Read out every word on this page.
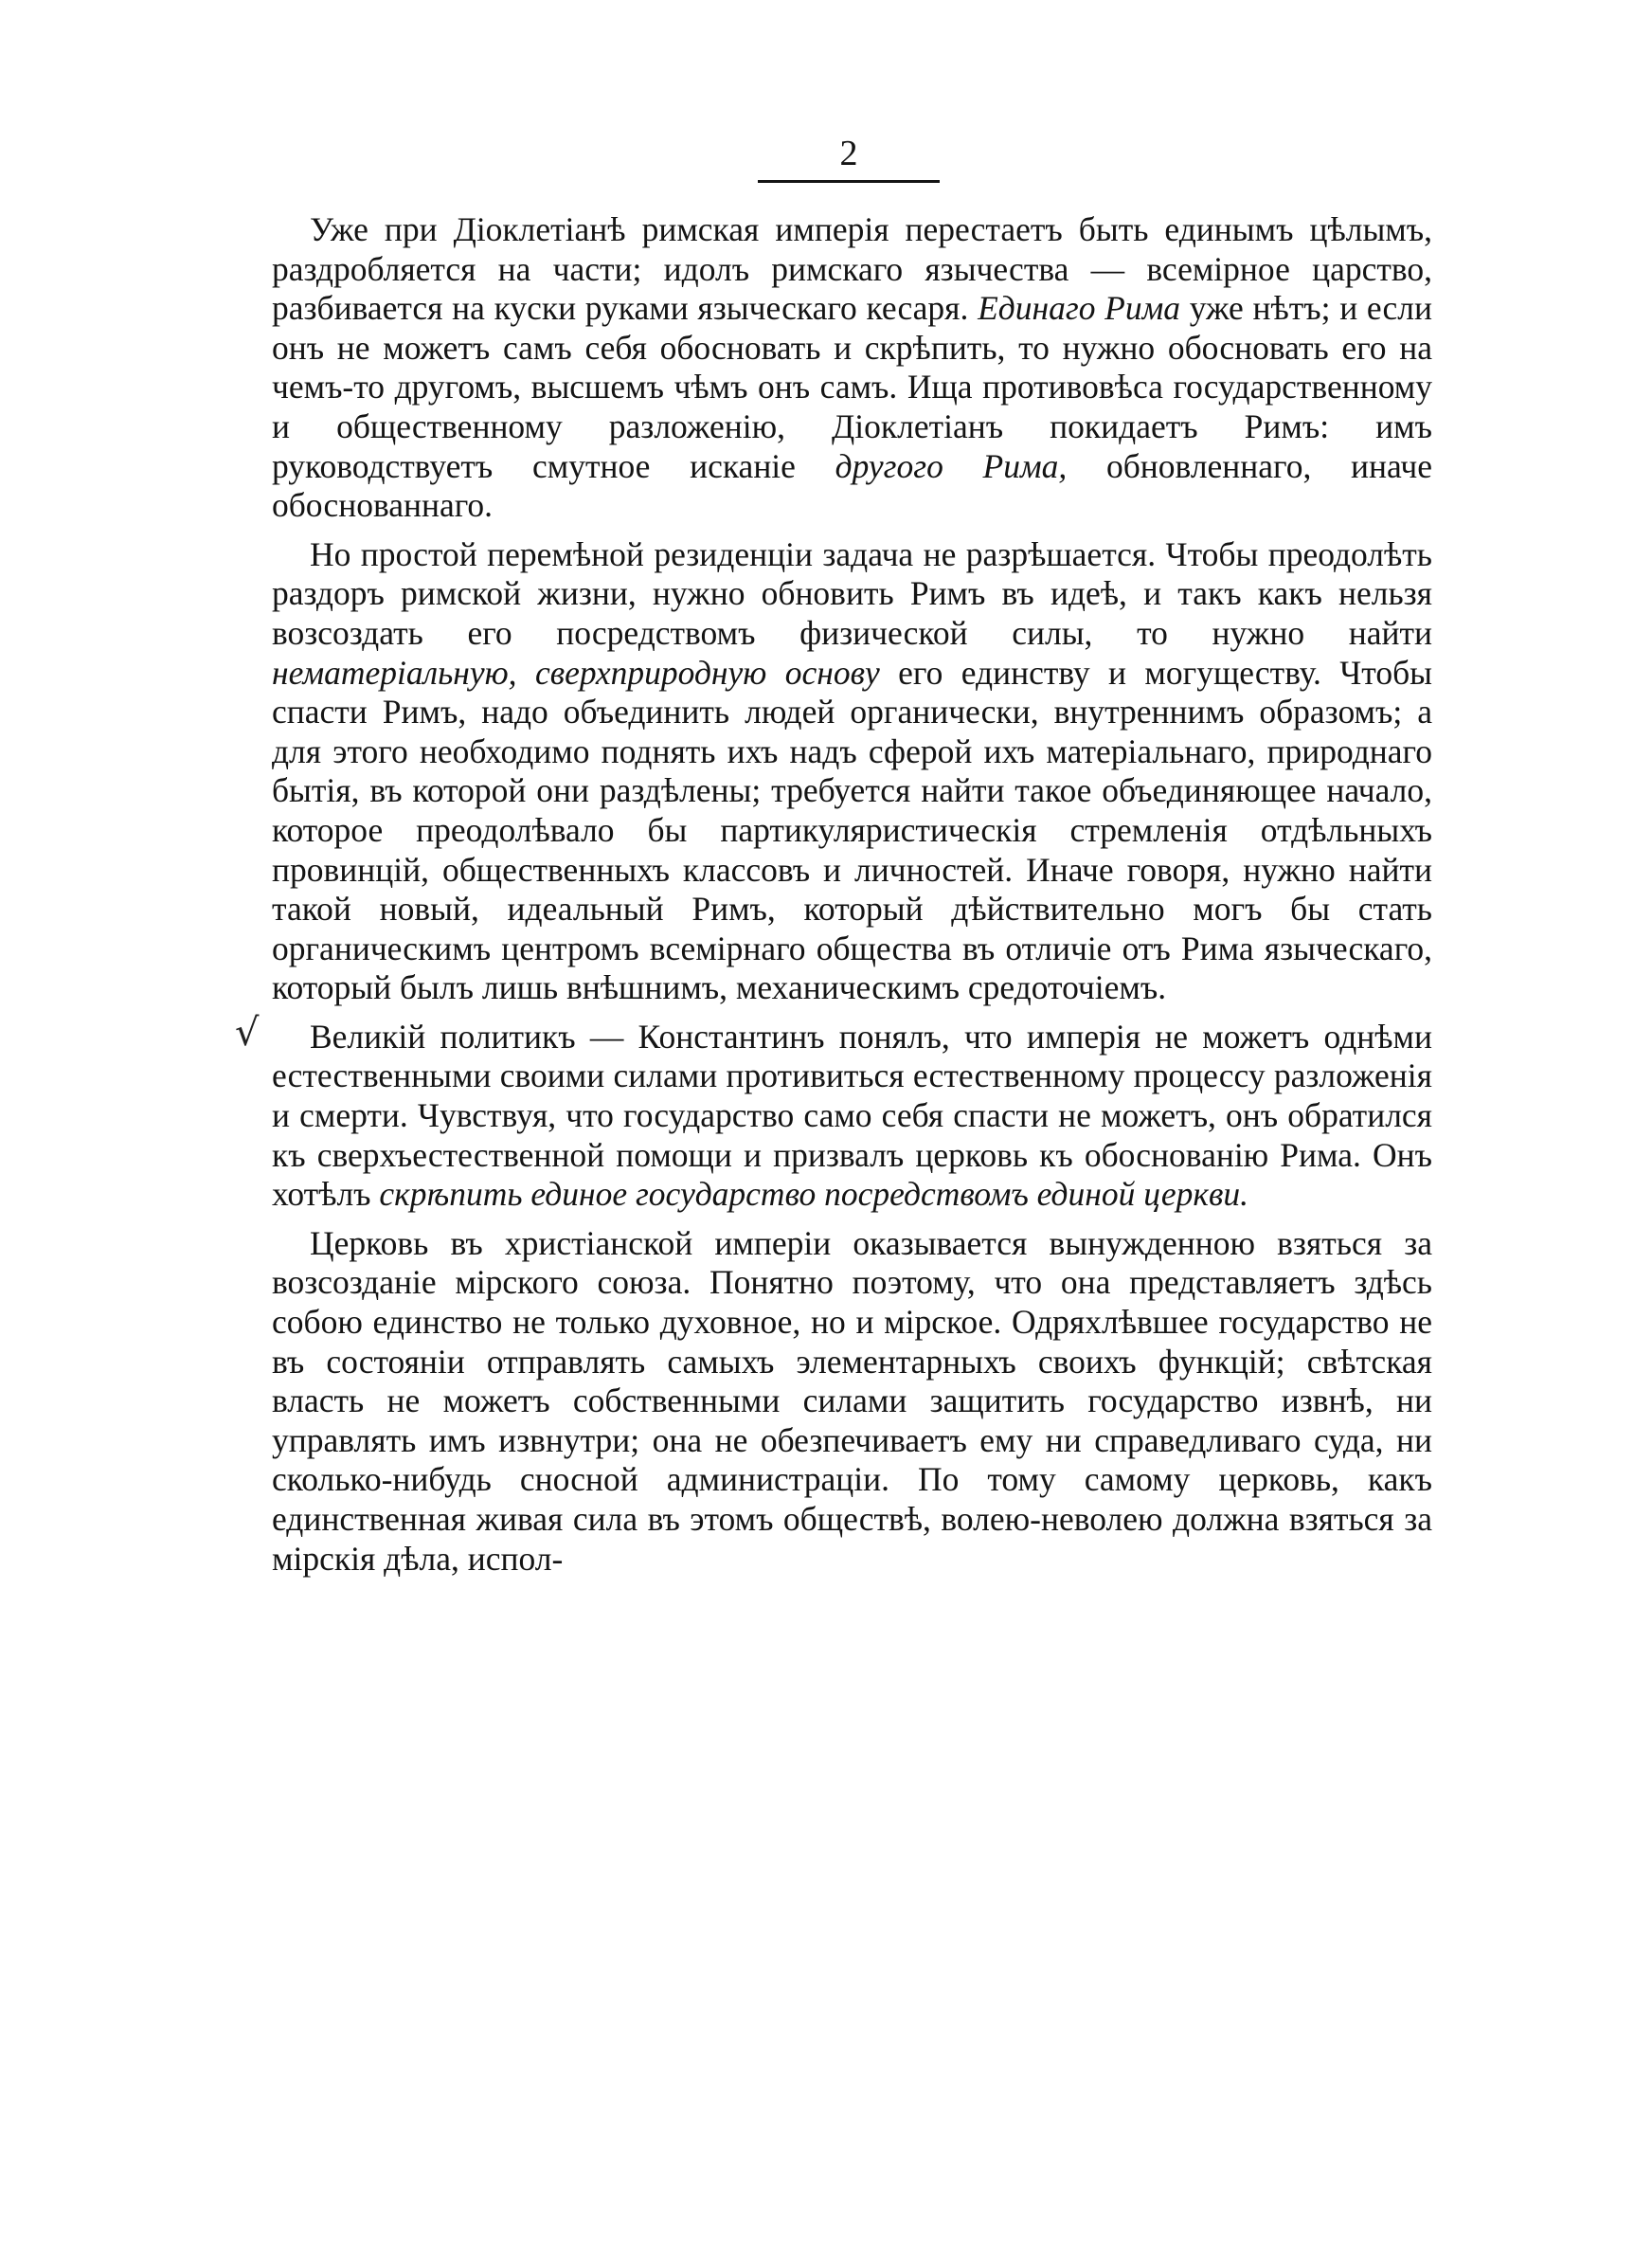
2
√

Уже при Діоклетіанѣ римская имперія перестаетъ быть единымъ цѣлымъ, раздробляется на части; идолъ римскаго язычества — всемірное царство, разбивается на куски руками языческаго кесаря. Единаго Рима уже нѣтъ; и если онъ не можетъ самъ себя обосновать и скрѣпить, то нужно обосновать его на чемъ-то другомъ, высшемъ чѣмъ онъ самъ. Ища противовѣса государственному и общественному разложенію, Діоклетіанъ покидаетъ Римъ: имъ руководствуетъ смутное исканіе другого Рима, обновленнаго, иначе обоснованнаго.

Но простой перемѣной резиденціи задача не разрѣшается. Чтобы преодолѣть раздоръ римской жизни, нужно обновить Римъ въ идеѣ, и такъ какъ нельзя возсоздать его посредствомъ физической силы, то нужно найти нематеріальную, сверхприродную основу его единству и могуществу. Чтобы спасти Римъ, надо объединить людей органически, внутреннимъ образомъ; а для этого необходимо поднять ихъ надъ сферой ихъ матеріальнаго, природнаго бытія, въ которой они раздѣлены; требуется найти такое объединяющее начало, которое преодолѣвало бы партикуляристическія стремленія отдѣльныхъ провинцій, общественныхъ классовъ и личностей. Иначе говоря, нужно найти такой новый, идеальный Римъ, который дѣйствительно могъ бы стать органическимъ центромъ всемірнаго общества въ отличіе отъ Рима языческаго, который былъ лишь внѣшнимъ, механическимъ средоточіемъ.

Великій политикъ — Константинъ понялъ, что имперія не можетъ однѣми естественными своими силами противиться естественному процессу разложенія и смерти. Чувствуя, что государство само себя спасти не можетъ, онъ обратился къ сверхъестественной помощи и призвалъ церковь къ обоснованію Рима. Онъ хотѣлъ скрѣпить единое государство посредствомъ единой церкви.

Церковь въ христіанской имперіи оказывается вынужденною взяться за возсозданіе мірского союза. Понятно поэтому, что она представляетъ здѣсь собою единство не только духовное, но и мірское. Одряхлѣвшее государство не въ состояніи отправлять самыхъ элементарныхъ своихъ функцій; свѣтская власть не можетъ собственными силами защитить государство извнѣ, ни управлять имъ извнутри; она не обезпечиваетъ ему ни справедливаго суда, ни сколько-нибудь сносной администраціи. По тому самому церковь, какъ единственная живая сила въ этомъ обществѣ, волею-неволею должна взяться за мірскія дѣла, испол-
